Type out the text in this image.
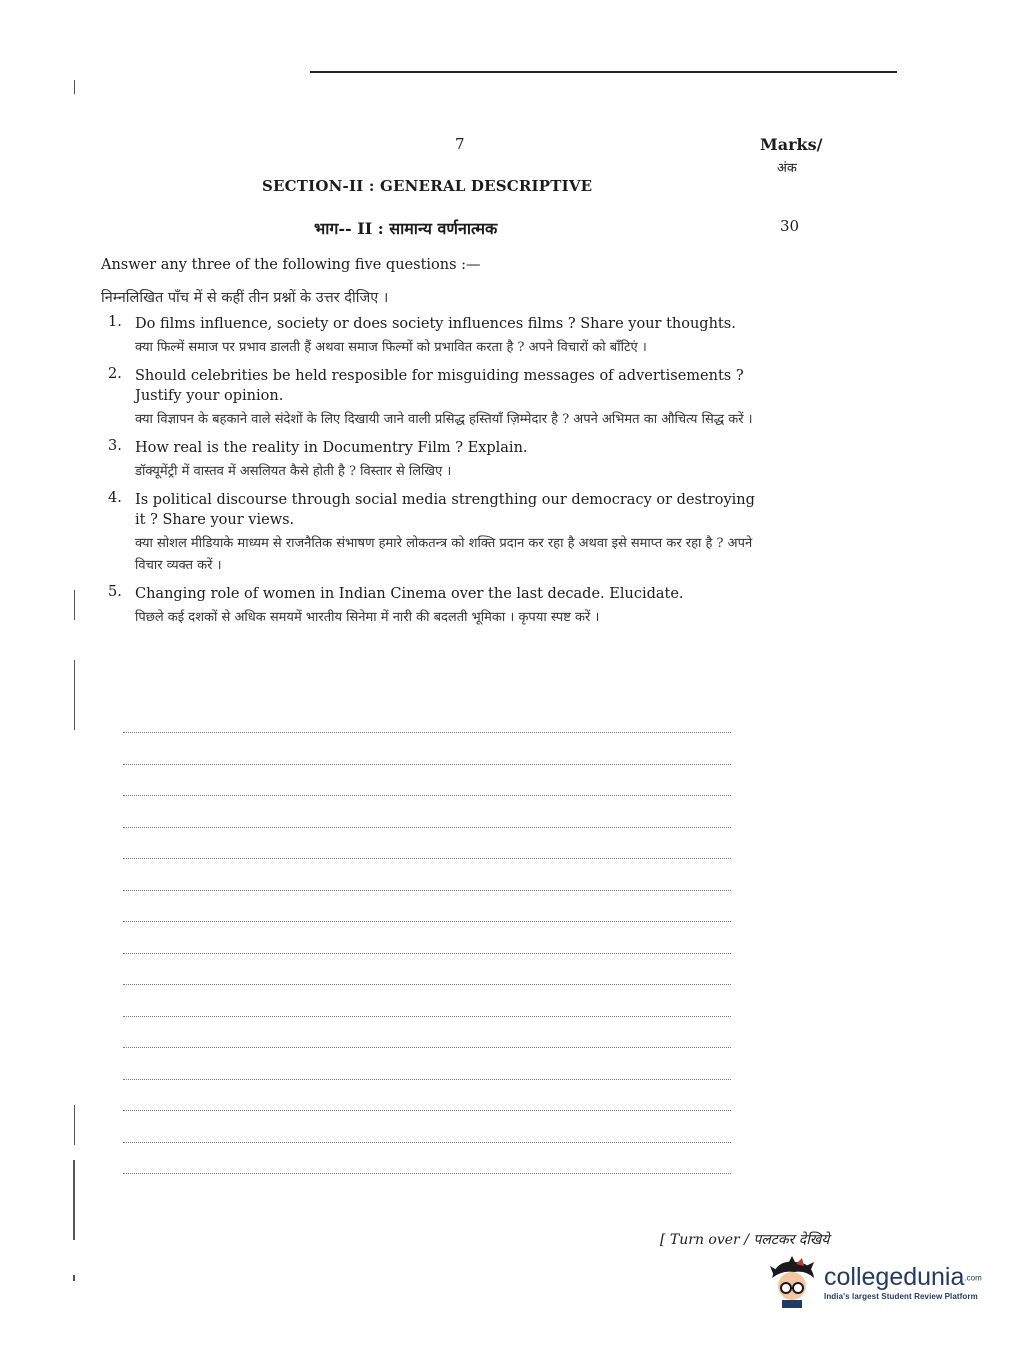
7	Marks/
अंक
SECTION-II : GENERAL DESCRIPTIVE
भाग-- II : सामान्य वर्णनात्मक	30
Answer any three of the following five questions :—
निम्नलिखित पाँच में से कहीं तीन प्रश्नों के उत्तर दीजिए ।
1. Do films influence, society or does society influences films ? Share your thoughts.
क्या फिल्में समाज पर प्रभाव डालती हैं अथवा समाज फिल्मों को प्रभावित करता है ? अपने विचारों को बाँटिएं ।
2. Should celebrities be held resposible for misguiding messages of advertisements ? Justify your opinion.
क्या विज्ञापन के बहकाने वाले संदेशों के लिए दिखायी जाने वाली प्रसिद्ध हस्तियाँ ज़िम्मेदार है ? अपने अभिमत का औचित्य सिद्ध करें ।
3. How real is the reality in Documentry Film ? Explain.
डॉक्यूमेंट्री में वास्तव में असलियत कैसे होती है ? विस्तार से लिखिए ।
4. Is political discourse through social media strengthing our democracy or destroying it ? Share your views.
क्या सोशल मीडियाके माध्यम से राजनैतिक संभाषण हमारे लोकतन्त्र को शक्ति प्रदान कर रहा है अथवा इसे समाप्त कर रहा है ? अपने विचार व्यक्त करें ।
5. Changing role of women in Indian Cinema over the last decade. Elucidate.
पिछले कई दशकों से अधिक समयमें भारतीय सिनेमा में नारी की बदलती भूमिका । कृपया स्पष्ट करें ।
[ Turn over / पलटकर देखिये
collegedunia.com
India's largest Student Review Platform
